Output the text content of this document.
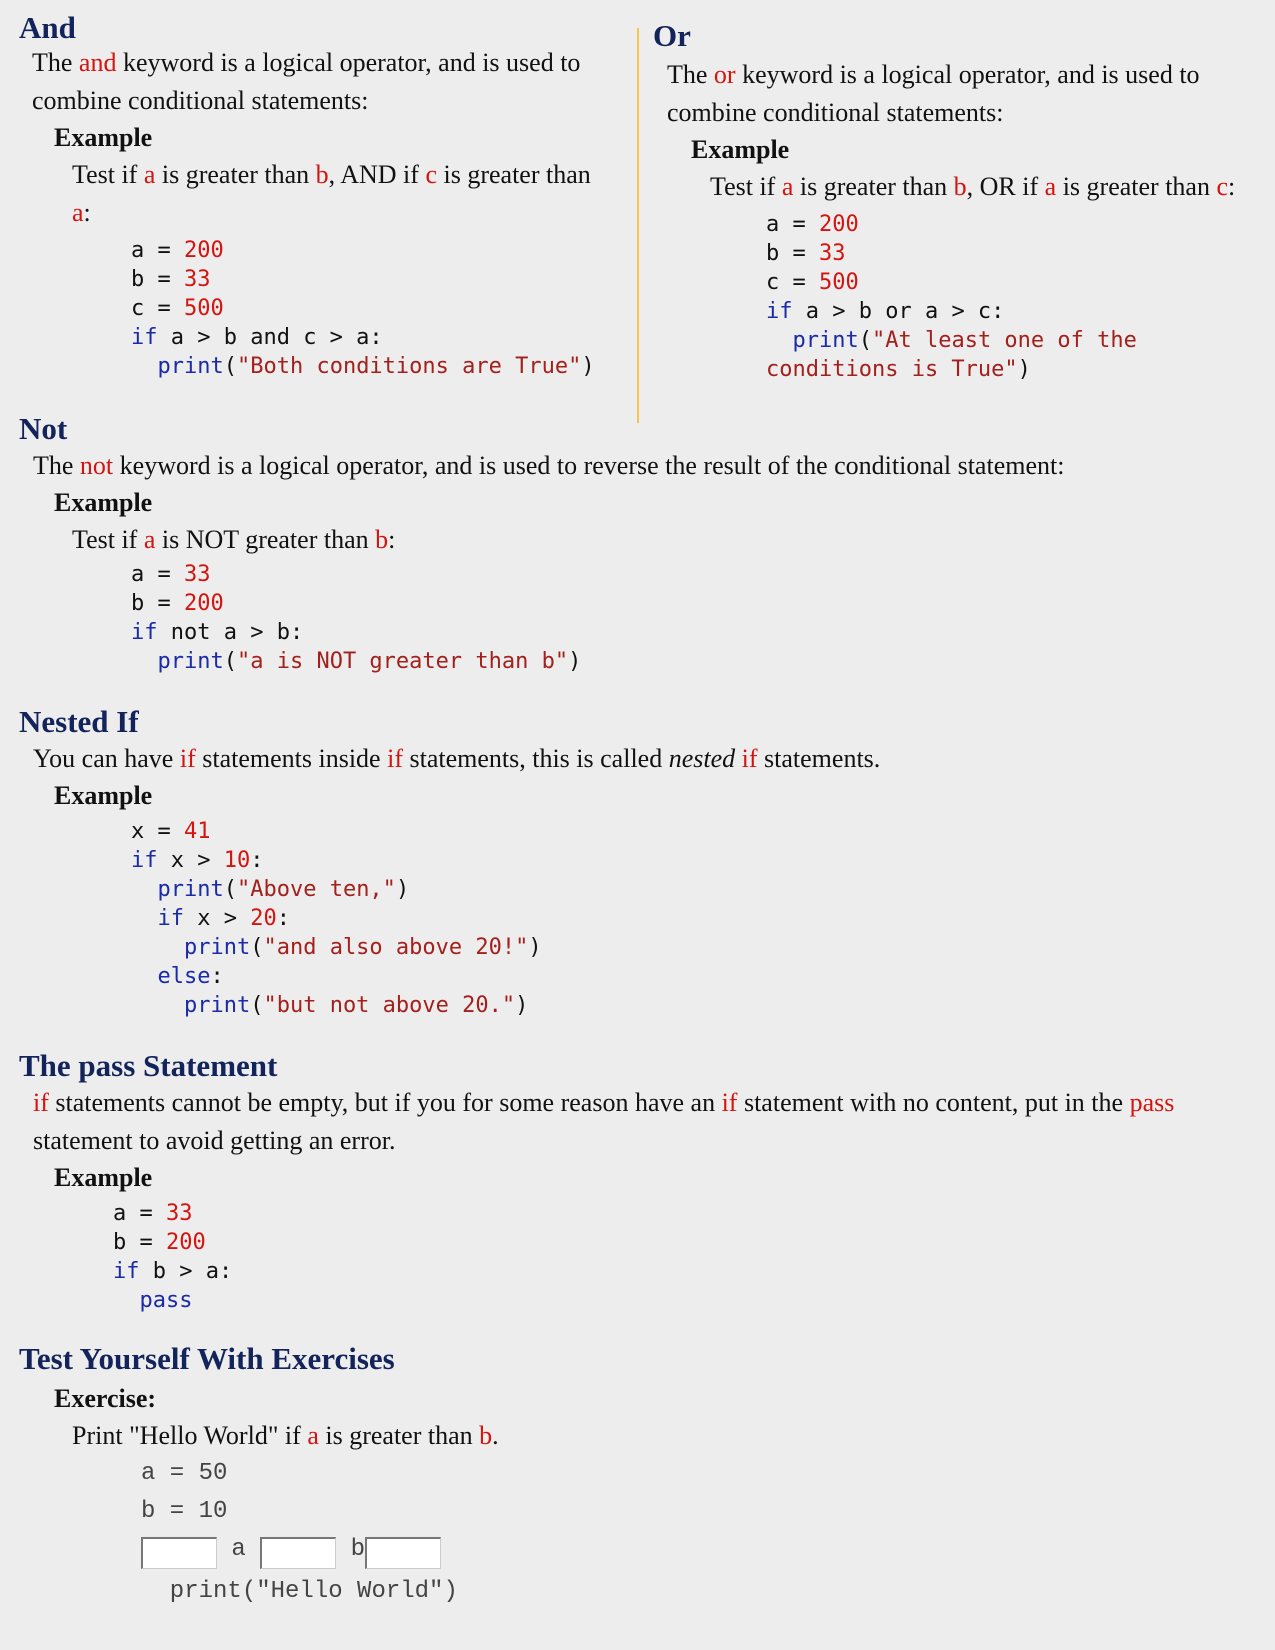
And

The and keyword is a logical operator, and is used to combine conditional statements:

Example

Test if a is greater than b, AND if c is greater than a:

a = 200
b = 33
c = 500
if a > b and c > a:
print("Both conditions are True")
Or

The or keyword is a logical operator, and is used to combine conditional statements:

Example

Test if a is greater than b, OR if a is greater than c:

a = 200
b = 33
c = 500
if a > b or a > c:
print("At least one of the
conditions is True")
Not

The not keyword is a logical operator, and is used to reverse the result of the conditional statement:

Example

Test if a is NOT greater than b:

a = 33
b = 200
if not a > b:
print("a is NOT greater than b")
Nested If

You can have if statements inside if statements, this is called nested if statements.

Example
x = 41
if x > 10:
print("Above ten,")
if x > 20:
print("and also above 20!")
else:
print("but not above 20.")
The pass Statement

if statements cannot be empty, but if you for some reason have an if statement with no content, put in the pass statement to avoid getting an error.

Example
a = 33
b = 200
if b > a:
pass
Test Yourself With Exercises
Exercise:

Print "Hello World" if a is greater than b.

a = 50
b = 10
a	b
print("Hello World")
